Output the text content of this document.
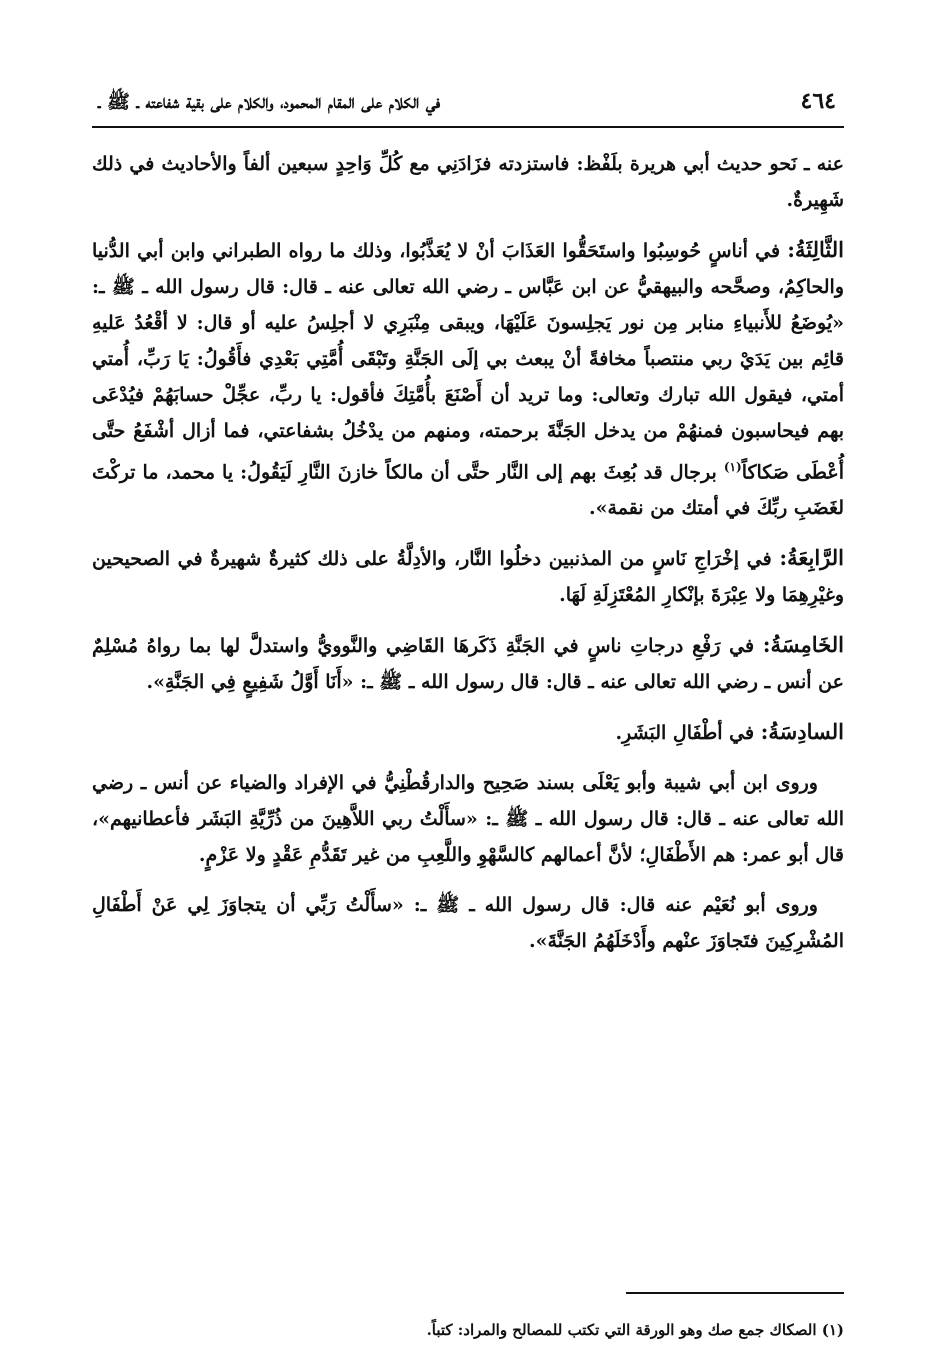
٤٦٤
في الكلام على المقام المحمود، والكلام على بقية شفاعته ـ ﷺ ـ

عنه ـ نَحو حديث أبي هريرة بلَفْظ: فاستزدته فزَادَنِي مع كُلِّ وَاحِدٍ سبعين ألفاً والأحاديث في ذلك شَهِيرةٌ.

الثَّالِثَةُ: في أناسٍ حُوسِبُوا واستَحَقُّوا العَذَابَ أنْ لا يُعَذَّبُوا، وذلك ما رواه الطبراني وابن أبي الدُّنيا والحاكِمُ، وصحَّحه والبيهقيُّ عن ابن عَبَّاس ـ رضي الله تعالى عنه ـ قال: قال رسول الله ـ ﷺ ـ: «يُوضَعُ للأَنبياءِ منابر مِن نور يَجلِسونَ عَلَيْهَا، ويبقى مِنْبَرِي لا أجلِسُ عليه أو قال: لا أقْعُدُ عَليهِ قائِم بين يَدَيْ ربي منتصباً مخافةً أنْ يبعث بي إلَى الجَنَّةِ وتَبْقَى أُمَّتِي بَعْدِي فأَقُولُ: يَا رَبِّ، أُمتي أمتي، فيقول الله تبارك وتعالى: وما تريد أن أَصْنَعَ بأُمَّتِكَ فأقول: يا ربِّ، عجِّلْ حسابَهُمْ فيُدْعَى بهم فيحاسبون فمنهُمْ من يدخل الجَنَّةَ برحمته، ومنهم من يدْخُلُ بشفاعتي، فما أزال أشْفَعُ حتَّى أُعْطَى صَكاكاً$^{(١)}$ برجال قد بُعِثَ بهم إلى النَّار حتَّى أن مالكاً خازنَ النَّارِ لَيَقُولُ: يا محمد، ما تركْتَ لغَضَبِ ربِّكَ في أمتك من نقمة».

الرَّابِعَةُ: في إخْرَاجِ نَاسٍ من المذنبين دخلُوا النَّار، والأدِلَّةُ على ذلك كثيرةٌ شهيرةٌ في الصحيحين وغيْرِهِمَا ولا عِبْرَةَ بإنْكارِ المُعْتَزِلَةِ لَهَا.

الخَامِسَةُ: في رَفْعِ درجاتِ ناسٍ في الجَنَّةِ ذَكَرهَا القَاضِي والنَّوويُّ واستدلَّ لها بما رواهُ مُسْلِمٌ عن أنس ـ رضي الله تعالى عنه ـ قال: قال رسول الله ـ ﷺ ـ: «أَنَا أَوَّلُ شَفِيعٍ فِي الجَنَّةِ».

السادِسَةُ: في أطْفَالِ البَشَرِ.

وروى ابن أبي شيبة وأبو يَعْلَى بسند صَحِيح والدارقُطْنِيُّ في الإفراد والضياء عن أنس ـ رضي الله تعالى عنه ـ قال: قال رسول الله ـ ﷺ ـ: «سأَلْتُ ربي اللاَّهِينَ من ذُرِّيَّةِ البَشَر فأعطانيهم»، قال أبو عمر: هم الأَطْفَالِ؛ لأنَّ أعمالهم كالسَّهْوِ واللَّعِبِ من غير تَقَدُّمِ عَقْدٍ ولا عَزْمٍ.

وروى أبو نُعَيْم عنه قال: قال رسول الله ـ ﷺ ـ: «سأَلْتُ رَبِّي أن يتجاوَزَ لِي عَنْ أَطْفَالِ المُشْرِكِينَ فتَجاوَزَ عنْهم وأَدْخَلَهُمُ الجَنَّةَ».

(١) الصكاك جمع صك وهو الورقة التي تكتب للمصالح والمراد: كتباً.
